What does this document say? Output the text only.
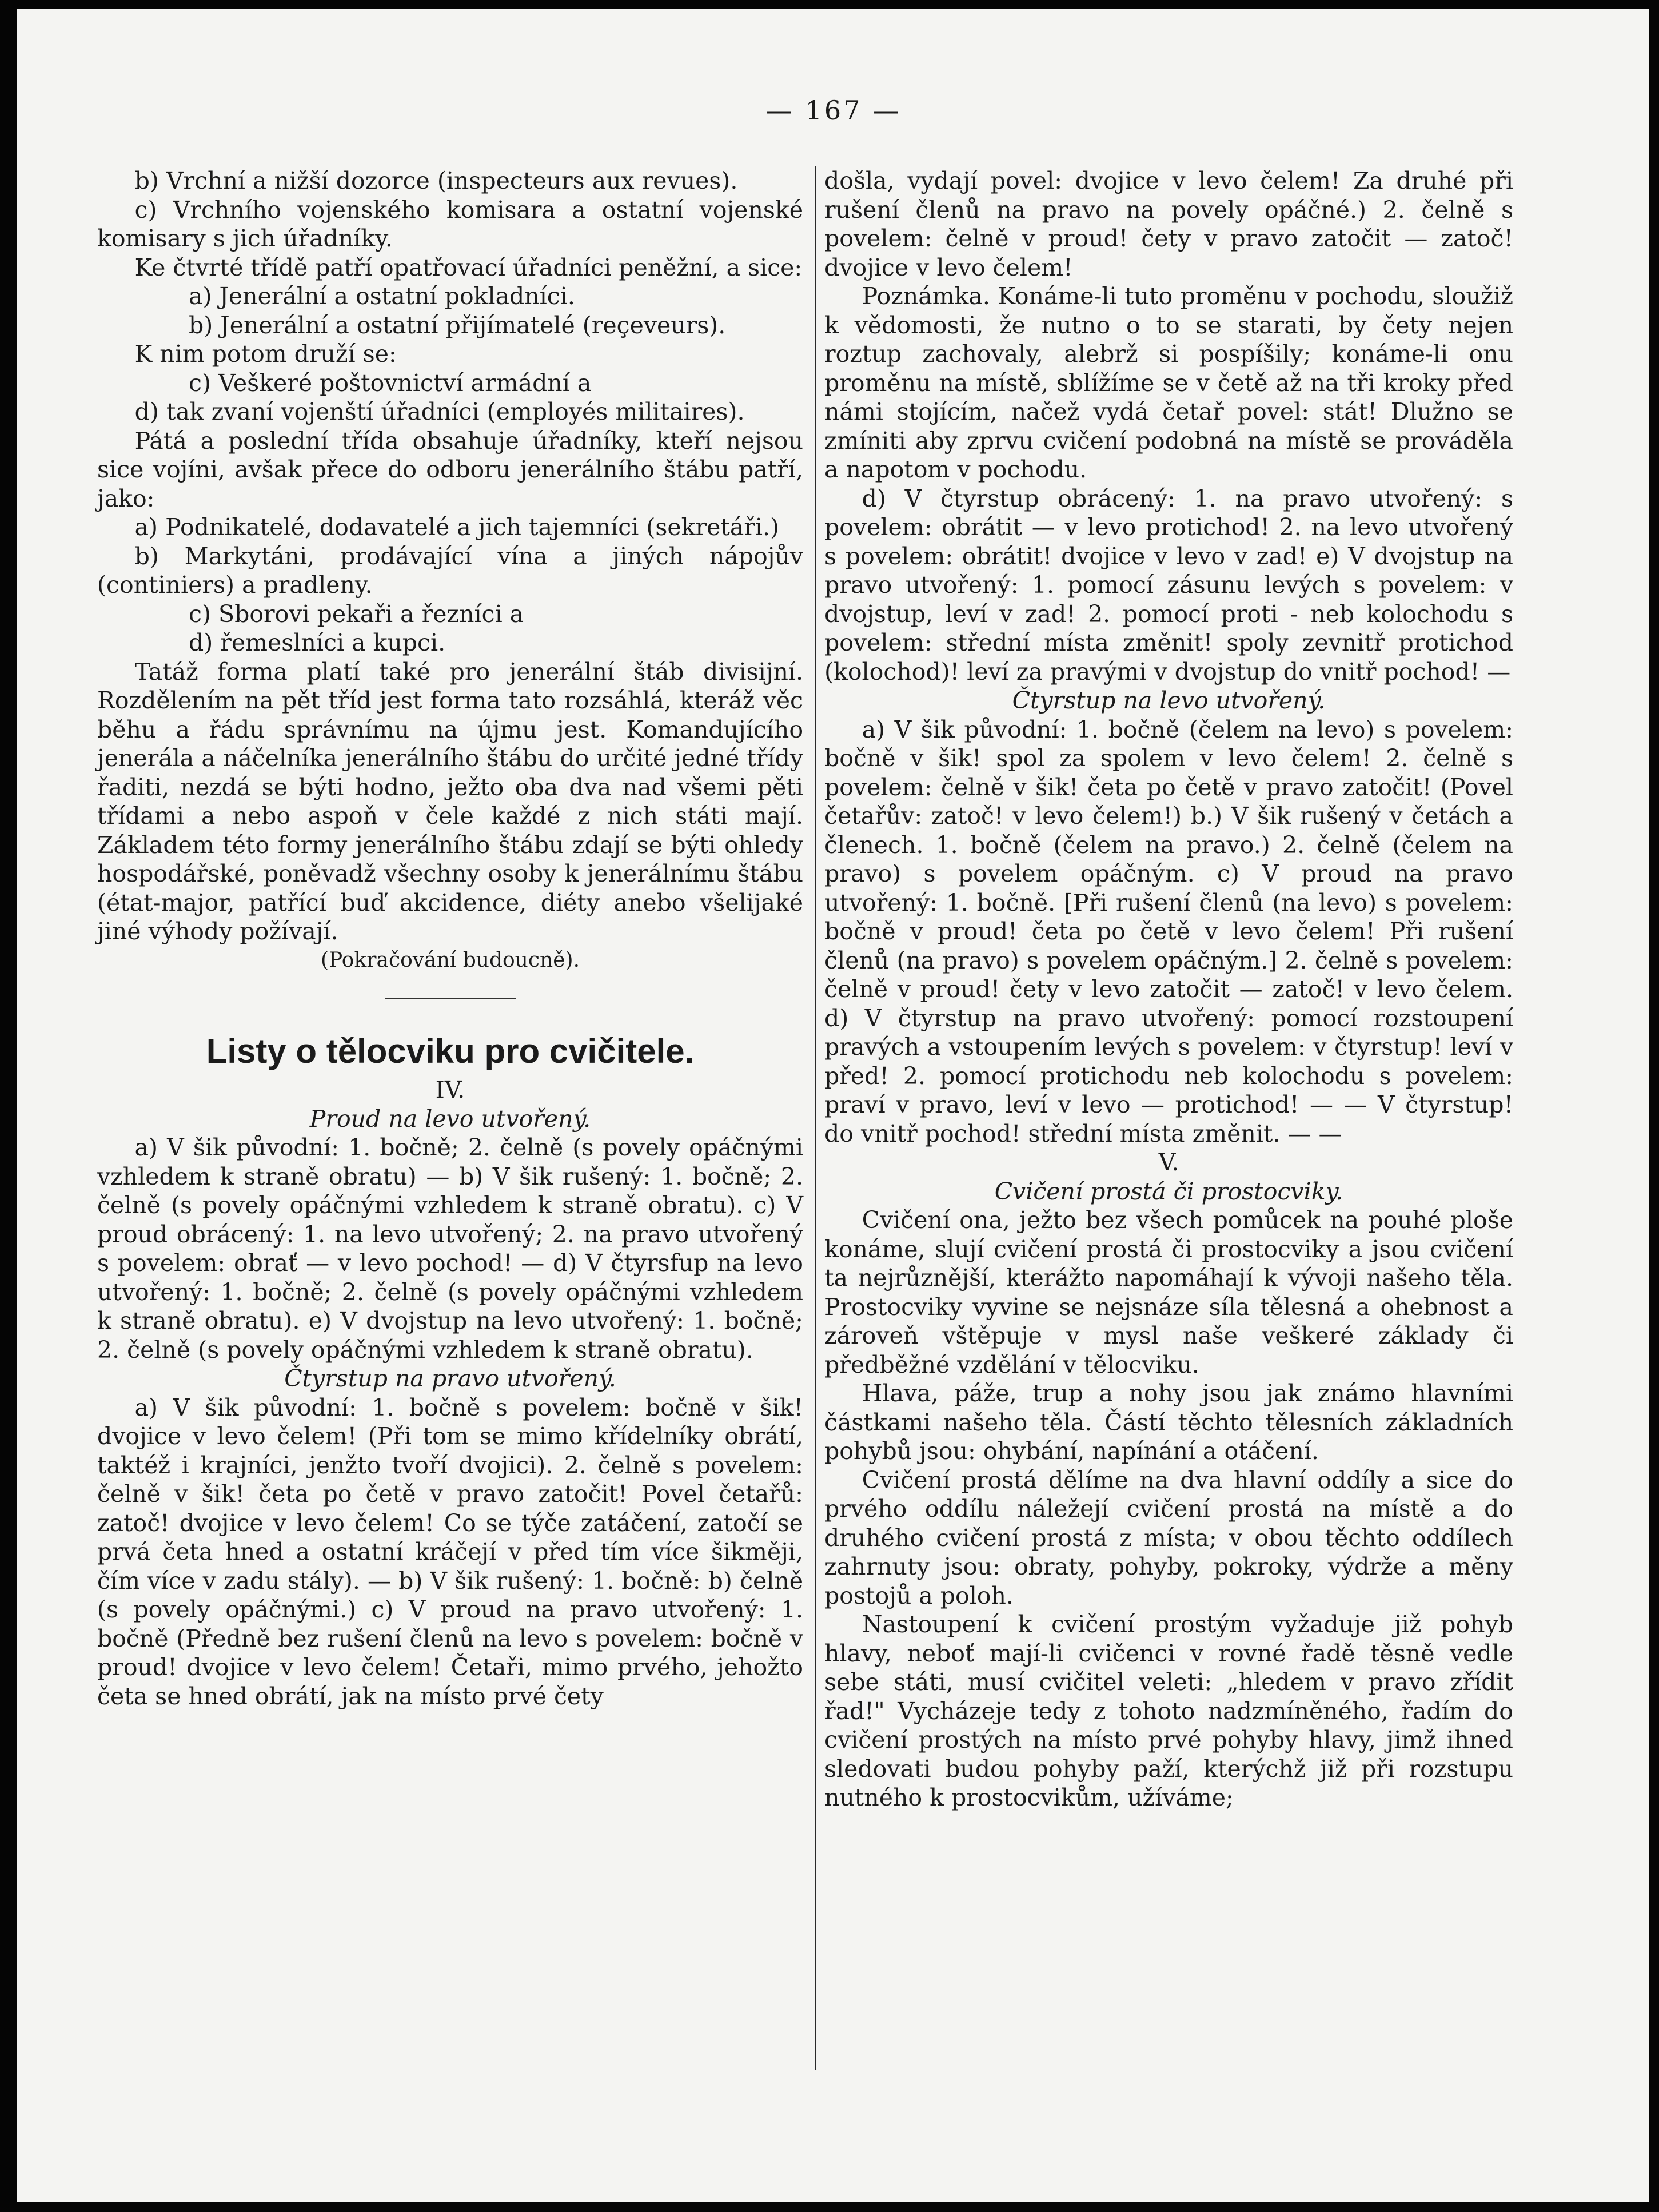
— 167 —

b) Vrchní a nižší dozorce (inspecteurs aux revues).

c) Vrchního vojenského komisara a ostatní vojenské komisary s jich úřadníky.

Ke čtvrté třídě patří opatřovací úřadníci peněžní, a sice:

a) Jenerální a ostatní pokladníci.

b) Jenerální a ostatní přijímatelé (reçeveurs).

K nim potom druží se:

c) Veškeré poštovnictví armádní a

d) tak zvaní vojenští úřadníci (employés militaires).

Pátá a poslední třída obsahuje úřadníky, kteří nejsou sice vojíni, avšak přece do odboru jenerálního štábu patří, jako:

a) Podnikatelé, dodavatelé a jich tajemníci (sekretáři.)

b) Markytáni, prodávající vína a jiných nápojův (continiers) a pradleny.

c) Sborovi pekaři a řezníci a

d) řemeslníci a kupci.

Tatáž forma platí také pro jenerální štáb divisijní. Rozdělením na pět tříd jest forma tato rozsáhlá, kteráž věc běhu a řádu správnímu na újmu jest. Komandujícího jenerála a náčelníka jenerálního štábu do určité jedné třídy řaditi, nezdá se býti hodno, ježto oba dva nad všemi pěti třídami a nebo aspoň v čele každé z nich státi mají. Základem této formy jenerálního štábu zdají se býti ohledy hospodářské, poněvadž všechny osoby k jenerálnímu štábu (état-major, patřící buď akcidence, diéty anebo všelijaké jiné výhody požívají.

(Pokračování budoucně).

Listy o tělocviku pro cvičitele.

IV.

Proud na levo utvořený.

a) V šik původní: 1. bočně; 2. čelně (s povely opáčnými vzhledem k straně obratu) — b) V šik rušený: 1. bočně; 2. čelně (s povely opáčnými vzhledem k straně obratu). c) V proud obrácený: 1. na levo utvořený; 2. na pravo utvořený s povelem: obrať — v levo pochod! — d) V čtyrsfup na levo utvořený: 1. bočně; 2. čelně (s povely opáčnými vzhledem k straně obratu). e) V dvojstup na levo utvořený: 1. bočně; 2. čelně (s povely opáčnými vzhledem k straně obratu).

Čtyrstup na pravo utvořený.

a) V šik původní: 1. bočně s povelem: bočně v šik! dvojice v levo čelem! (Při tom se mimo křídelníky obrátí, taktéž i krajníci, jenžto tvoří dvojici). 2. čelně s povelem: čelně v šik! četa po četě v pravo zatočit! Povel četařů: zatoč! dvojice v levo čelem! Co se týče zatáčení, zatočí se prvá četa hned a ostatní kráčejí v před tím více šikměji, čím více v zadu stály). — b) V šik rušený: 1. bočně: b) čelně (s povely opáčnými.) c) V proud na pravo utvořený: 1. bočně (Předně bez rušení členů na levo s povelem: bočně v proud! dvojice v levo čelem! Četaři, mimo prvého, jehožto četa se hned obrátí, jak na místo prvé čety

došla, vydají povel: dvojice v levo čelem! Za druhé při rušení členů na pravo na povely opáčné.) 2. čelně s povelem: čelně v proud! čety v pravo zatočit — zatoč! dvojice v levo čelem!

Poznámka. Konáme-li tuto proměnu v pochodu, sloužiž k vědomosti, že nutno o to se starati, by čety nejen roztup zachovaly, alebrž si pospíšily; konáme-li onu proměnu na místě, sblížíme se v četě až na tři kroky před námi stojícím, načež vydá četař povel: stát! Dlužno se zmíniti aby zprvu cvičení podobná na místě se prováděla a napotom v pochodu.

d) V čtyrstup obrácený: 1. na pravo utvořený: s povelem: obrátit — v levo protichod! 2. na levo utvořený s povelem: obrátit! dvojice v levo v zad! e) V dvojstup na pravo utvořený: 1. pomocí zásunu levých s povelem: v dvojstup, leví v zad! 2. pomocí proti - neb kolochodu s povelem: střední místa změnit! spoly zevnitř protichod (kolochod)! leví za pravými v dvojstup do vnitř pochod! —

Čtyrstup na levo utvořený.

a) V šik původní: 1. bočně (čelem na levo) s povelem: bočně v šik! spol za spolem v levo čelem! 2. čelně s povelem: čelně v šik! četa po četě v pravo zatočit! (Povel četařův: zatoč! v levo čelem!) b.) V šik rušený v četách a členech. 1. bočně (čelem na pravo.) 2. čelně (čelem na pravo) s povelem opáčným. c) V proud na pravo utvořený: 1. bočně. [Při rušení členů (na levo) s povelem: bočně v proud! četa po četě v levo čelem! Při rušení členů (na pravo) s povelem opáčným.] 2. čelně s povelem: čelně v proud! čety v levo zatočit — zatoč! v levo čelem. d) V čtyrstup na pravo utvořený: pomocí rozstoupení pravých a vstoupením levých s povelem: v čtyrstup! leví v před! 2. pomocí protichodu neb kolochodu s povelem: praví v pravo, leví v levo — protichod! — — V čtyrstup! do vnitř pochod! střední místa změnit. — —

V.

Cvičení prostá či prostocviky.

Cvičení ona, ježto bez všech pomůcek na pouhé ploše konáme, slují cvičení prostá či prostocviky a jsou cvičení ta nejrůznější, kterážto napomáhají k vývoji našeho těla. Prostocviky vyvine se nejsnáze síla tělesná a ohebnost a zároveň vštěpuje v mysl naše veškeré základy či předběžné vzdělání v tělocviku.

Hlava, páže, trup a nohy jsou jak známo hlavními částkami našeho těla. Částí těchto tělesních základních pohybů jsou: ohybání, napínání a otáčení.

Cvičení prostá dělíme na dva hlavní oddíly a sice do prvého oddílu náležejí cvičení prostá na místě a do druhého cvičení prostá z místa; v obou těchto oddílech zahrnuty jsou: obraty, pohyby, pokroky, výdrže a měny postojů a poloh.

Nastoupení k cvičení prostým vyžaduje již pohyb hlavy, neboť mají-li cvičenci v rovné řadě těsně vedle sebe státi, musí cvičitel veleti: „hledem v pravo zřídit řad!" Vycházeje tedy z tohoto nadzmíněného, řadím do cvičení prostých na místo prvé pohyby hlavy, jimž ihned sledovati budou pohyby paží, kterýchž již při rozstupu nutného k prostocvikům, užíváme;
